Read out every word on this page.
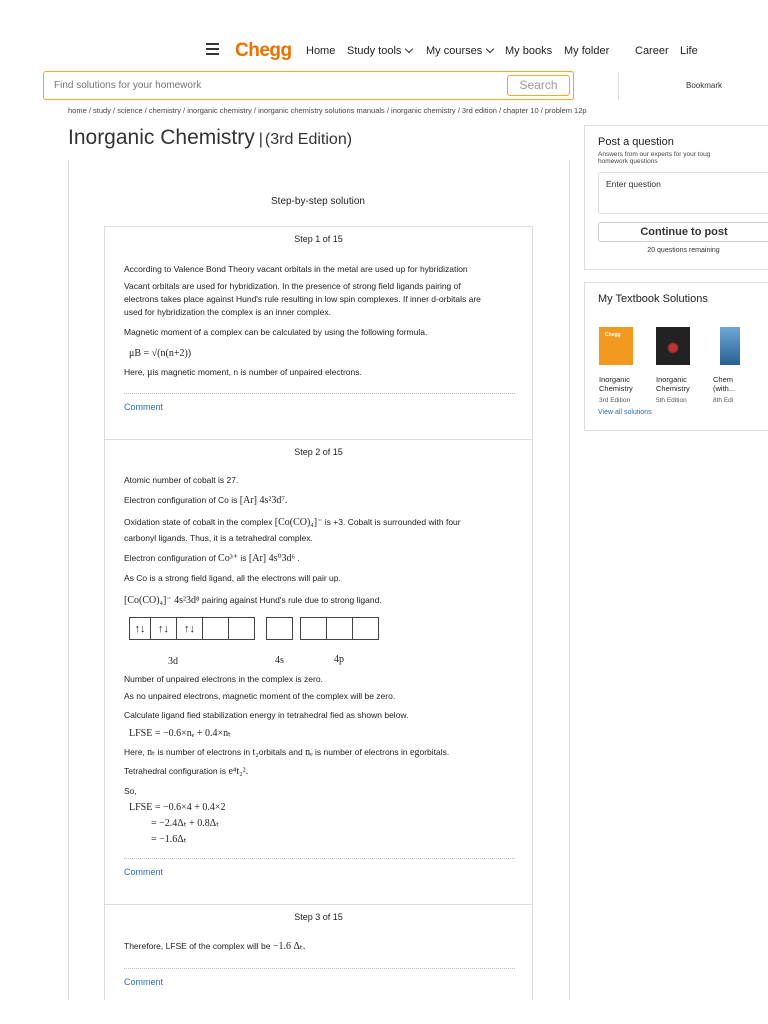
Chegg Home Study tools	My courses	My books My folder Career Life
Find solutions for your homework
Search	Bookmark
home / study / science / chemistry / inorganic chemistry / inorganic chemistry solutions manuals / inorganic chemistry / 3rd edition / chapter 10 / problem 12p
Inorganic Chemistry | (3rd Edition)
Step-by-step solution
Step 1 of 15
According to Valence Bond Theory vacant orbitals in the metal are used up for hybridization
Vacant orbitals are used for hybridization. In the presence of strong field ligands pairing of
electrons takes place against Hund's rule resulting in low spin complexes. If inner d-orbitals are
used for hybridization the complex is an inner complex.
Magnetic moment of a complex can be calculated by using the following formula.
μB = √(n(n+2))
Here, μis magnetic moment, n is number of unpaired electrons.
Comment
Step 2 of 15
Atomic number of cobalt is 27.
Electron configuration of Co is [Ar] 4s²3d⁷.
Oxidation state of cobalt in the complex [Co(CO)₄]⁻ is +3. Cobalt is surrounded with four
carbonyl ligands. Thus, it is a tetrahedral complex.
Electron configuration of Co³⁺ is [Ar] 4s⁰3d⁶ .
As Co is a strong field ligand, all the electrons will pair up.
[Co(CO)₄]⁻ 4s²3d⁸ pairing against Hund's rule due to strong ligand.
↑↓	↑↓	↑↓
3d	4s	4p
Number of unpaired electrons in the complex is zero.
As no unpaired electrons, magnetic moment of the complex will be zero.
Calculate ligand fied stabilization energy in tetrahedral fied as shown below.
LFSE = −0.6×nₑ + 0.4×nₜ
Here, nₜ is number of electrons in t₂orbitals and nₑ is number of electrons in egorbitals.
Tetrahedral configuration is e⁴t₂².
So,
LFSE = −0.6×4 + 0.4×2
= −2.4Δₜ + 0.8Δₜ
= −1.6Δₜ
Comment
Step 3 of 15
Therefore, LFSE of the complex will be −1.6 Δₜ.
Comment
Post a question
Answers from our experts for your toug
homework questions
Enter question
Continue to post
20 questions remaining
My Textbook Solutions
Chegg
Inorganic
Chemistry
3rd Edition
Inorganic
Chemistry
5th Edition
Chem
(with...
8th Edi
View all solutions
